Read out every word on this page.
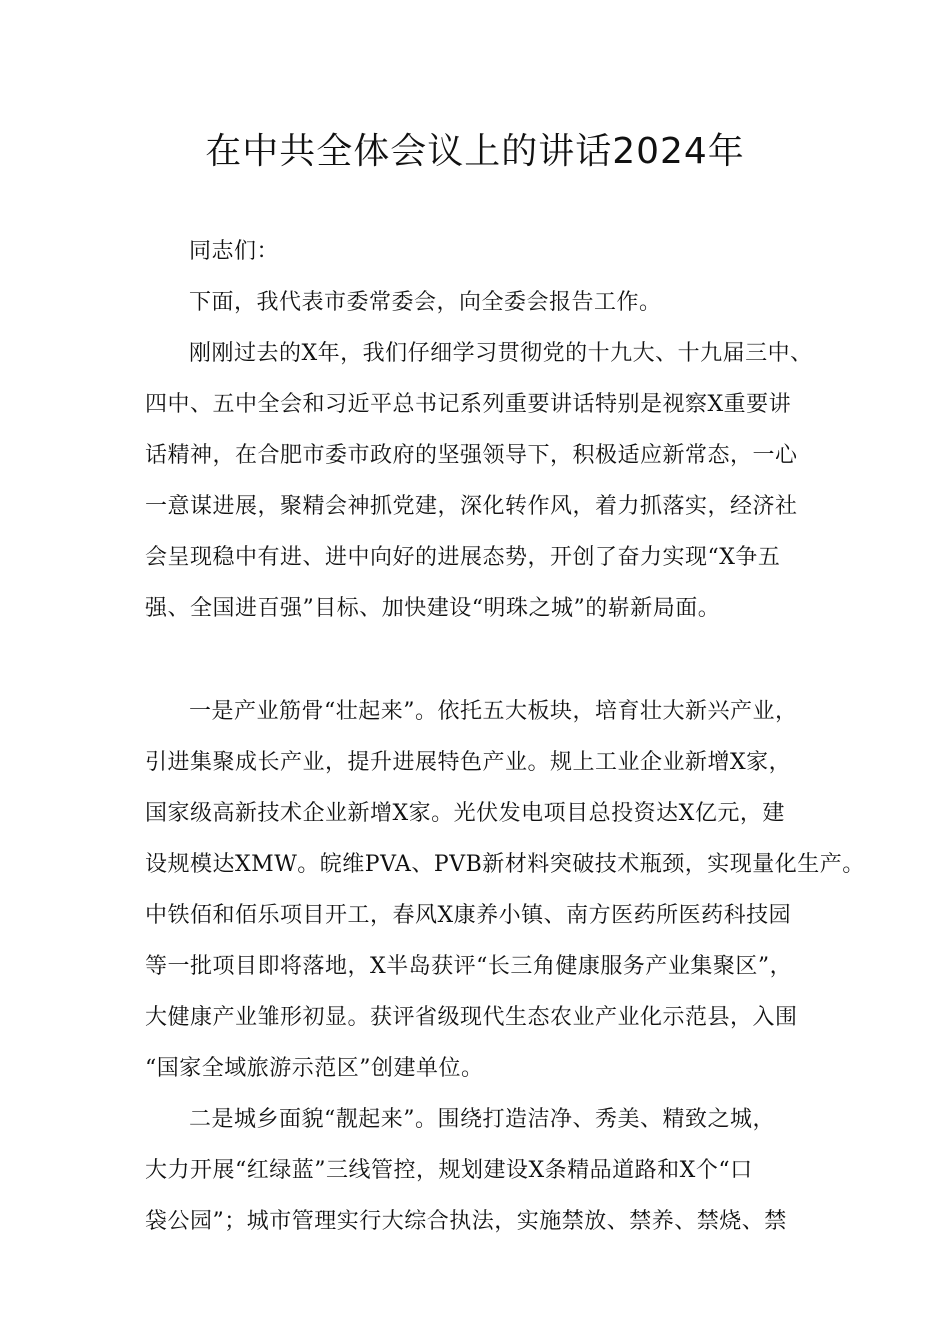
在中共全体会议上的讲话2024年
同志们：
下面，我代表市委常委会，向全委会报告工作。
刚刚过去的X年，我们仔细学习贯彻党的十九大、十九届三中、
四中、五中全会和习近平总书记系列重要讲话特别是视察X重要讲
话精神，在合肥市委市政府的坚强领导下，积极适应新常态，一心
一意谋进展，聚精会神抓党建，深化转作风，着力抓落实，经济社
会呈现稳中有进、进中向好的进展态势，开创了奋力实现“X争五
强、全国进百强”目标、加快建设“明珠之城”的崭新局面。
一是产业筋骨“壮起来”。依托五大板块，培育壮大新兴产业，
引进集聚成长产业，提升进展特色产业。规上工业企业新增X家，
国家级高新技术企业新增X家。光伏发电项目总投资达X亿元，建
设规模达XMW。皖维PVA、PVB新材料突破技术瓶颈，实现量化生产。
中铁佰和佰乐项目开工，春风X康养小镇、南方医药所医药科技园
等一批项目即将落地，X半岛获评“长三角健康服务产业集聚区”，
大健康产业雏形初显。获评省级现代生态农业产业化示范县，入围
“国家全域旅游示范区”创建单位。
二是城乡面貌“靓起来”。围绕打造洁净、秀美、精致之城，
大力开展“红绿蓝”三线管控，规划建设X条精品道路和X个“口
袋公园”；城市管理实行大综合执法，实施禁放、禁养、禁烧、禁
